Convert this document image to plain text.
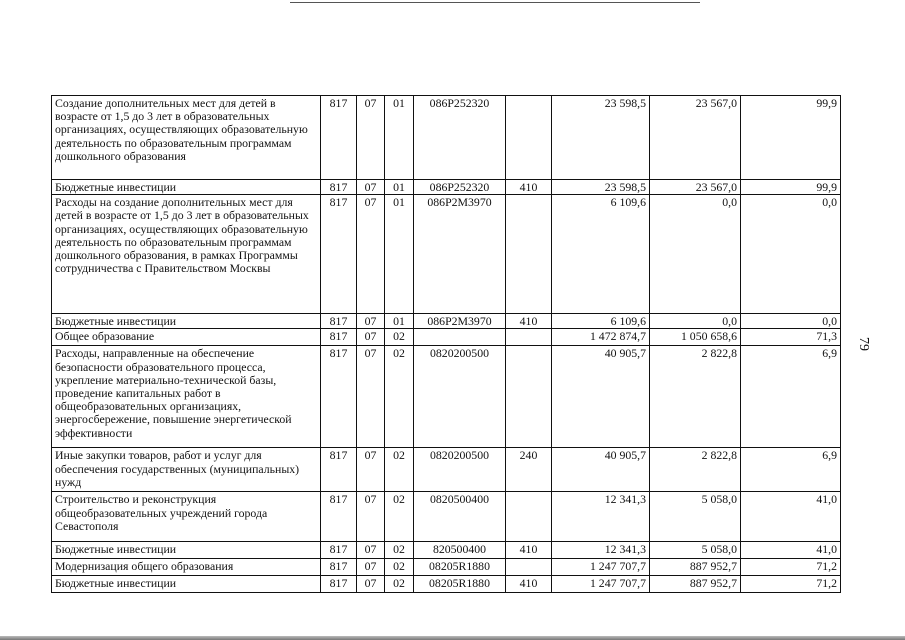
Создание дополнительных мест для детей в возрасте от 1,5 до 3 лет в образовательных организациях, осуществляющих образовательную деятельность по образовательным программам дошкольного образования	817	07	01	086Р252320		23 598,5	23 567,0	99,9
Бюджетные инвестиции	817	07	01	086Р252320	410	23 598,5	23 567,0	99,9
Расходы на создание дополнительных мест для детей в возрасте от 1,5 до 3 лет в образовательных организациях, осуществляющих образовательную деятельность по образовательным программам дошкольного образования, в рамках Программы сотрудничества с Правительством Москвы	817	07	01	086Р2М3970		6 109,6	0,0	0,0
Бюджетные инвестиции	817	07	01	086Р2М3970	410	6 109,6	0,0	0,0
Общее образование	817	07	02			1 472 874,7	1 050 658,6	71,3
Расходы, направленные на обеспечение безопасности образовательного процесса, укрепление материально-технической базы, проведение капитальных работ в общеобразовательных организациях, энергосбережение, повышение энергетической эффективности	817	07	02	0820200500		40 905,7	2 822,8	6,9
Иные закупки товаров, работ и услуг для обеспечения государственных (муниципальных) нужд	817	07	02	0820200500	240	40 905,7	2 822,8	6,9
Строительство и реконструкция общеобразовательных учреждений города Севастополя	817	07	02	0820500400		12 341,3	5 058,0	41,0
Бюджетные инвестиции	817	07	02	820500400	410	12 341,3	5 058,0	41,0
Модернизация общего образования	817	07	02	08205R1880		1 247 707,7	887 952,7	71,2
Бюджетные инвестиции	817	07	02	08205R1880	410	1 247 707,7	887 952,7	71,2
79
